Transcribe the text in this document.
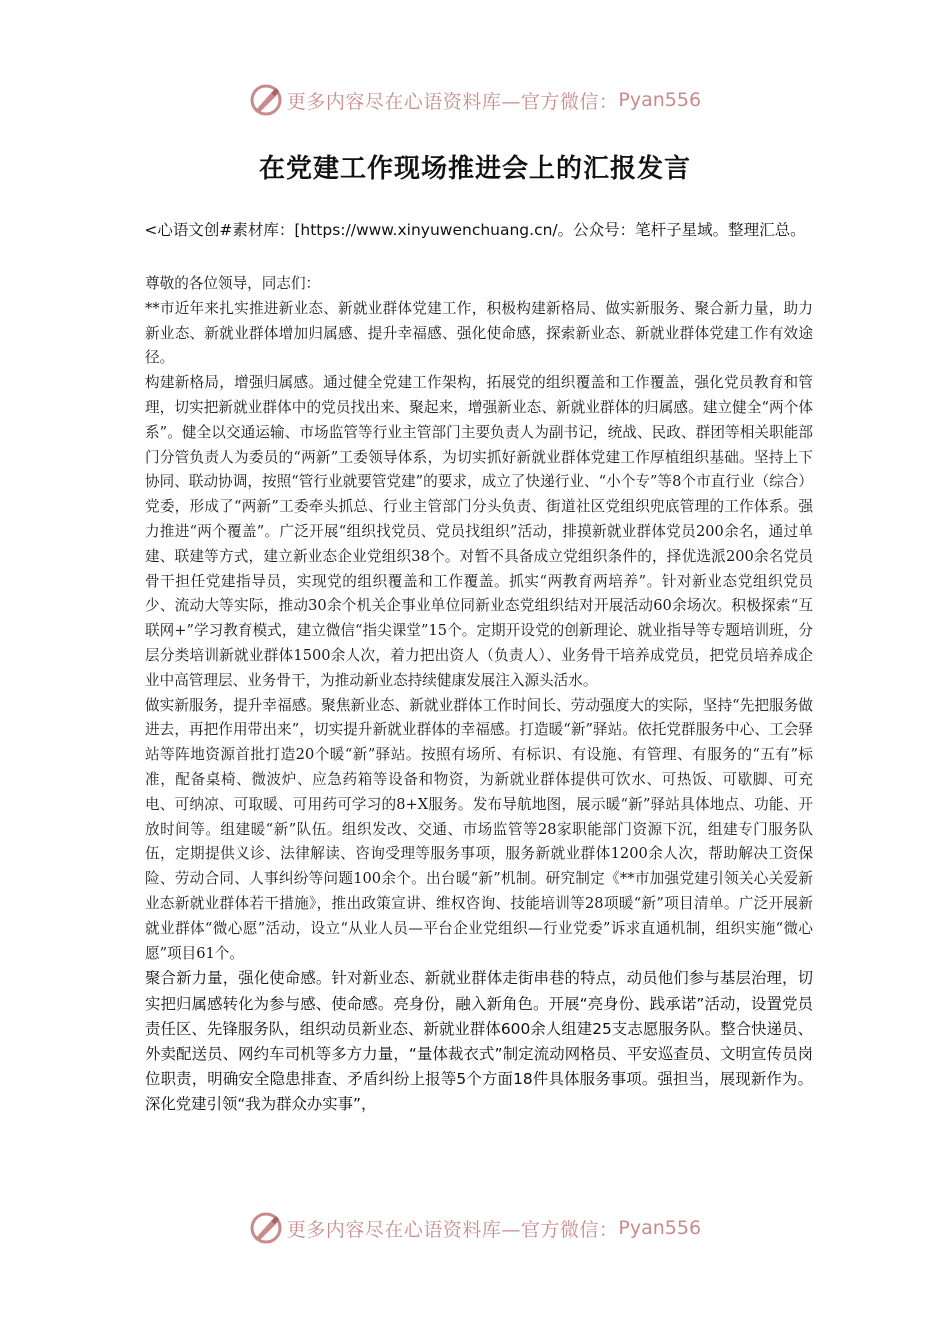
更多内容尽在心语资料库—官方微信： Pyan556
在党建工作现场推进会上的汇报发言
<心语文创#素材库：[https://www.xinyuwenchuang.cn/。公众号：笔杆子星域。整理汇总。

尊敬的各位领导，同志们：

**市近年来扎实推进新业态、新就业群体党建工作，积极构建新格局、做实新服务、聚合新力量，助力新业态、新就业群体增加归属感、提升幸福感、强化使命感，探索新业态、新就业群体党建工作有效途径。

构建新格局，增强归属感。通过健全党建工作架构，拓展党的组织覆盖和工作覆盖，强化党员教育和管理，切实把新就业群体中的党员找出来、聚起来，增强新业态、新就业群体的归属感。建立健全“两个体系”。健全以交通运输、市场监管等行业主管部门主要负责人为副书记，统战、民政、群团等相关职能部门分管负责人为委员的“两新”工委领导体系，为切实抓好新就业群体党建工作厚植组织基础。坚持上下协同、联动协调，按照“管行业就要管党建”的要求，成立了快递行业、“小个专”等8个市直行业（综合）党委，形成了“两新”工委牵头抓总、行业主管部门分头负责、街道社区党组织兜底管理的工作体系。强力推进“两个覆盖”。广泛开展“组织找党员、党员找组织”活动，排摸新就业群体党员200余名，通过单建、联建等方式，建立新业态企业党组织38个。对暂不具备成立党组织条件的，择优选派200余名党员骨干担任党建指导员，实现党的组织覆盖和工作覆盖。抓实“两教育两培养”。针对新业态党组织党员少、流动大等实际，推动30余个机关企事业单位同新业态党组织结对开展活动60余场次。积极探索“互联网+”学习教育模式，建立微信“指尖课堂”15个。定期开设党的创新理论、就业指导等专题培训班，分层分类培训新就业群体1500余人次，着力把出资人（负责人）、业务骨干培养成党员，把党员培养成企业中高管理层、业务骨干，为推动新业态持续健康发展注入源头活水。

做实新服务，提升幸福感。聚焦新业态、新就业群体工作时间长、劳动强度大的实际，坚持“先把服务做进去，再把作用带出来”，切实提升新就业群体的幸福感。打造暖“新”驿站。依托党群服务中心、工会驿站等阵地资源首批打造20个暖“新”驿站。按照有场所、有标识、有设施、有管理、有服务的“五有”标准，配备桌椅、微波炉、应急药箱等设备和物资，为新就业群体提供可饮水、可热饭、可歇脚、可充电、可纳凉、可取暖、可用药可学习的8+X服务。发布导航地图，展示暖“新”驿站具体地点、功能、开放时间等。组建暖“新”队伍。组织发改、交通、市场监管等28家职能部门资源下沉，组建专门服务队伍，定期提供义诊、法律解读、咨询受理等服务事项，服务新就业群体1200余人次，帮助解决工资保险、劳动合同、人事纠纷等问题100余个。出台暖“新”机制。研究制定《**市加强党建引领关心关爱新业态新就业群体若干措施》，推出政策宣讲、维权咨询、技能培训等28项暖“新”项目清单。广泛开展新就业群体“微心愿”活动，设立“从业人员—平台企业党组织—行业党委”诉求直通机制，组织实施“微心愿”项目61个。

聚合新力量，强化使命感。针对新业态、新就业群体走街串巷的特点，动员他们参与基层治理，切实把归属感转化为参与感、使命感。亮身份，融入新角色。开展“亮身份、践承诺”活动，设置党员责任区、先锋服务队，组织动员新业态、新就业群体600余人组建25支志愿服务队。整合快递员、外卖配送员、网约车司机等多方力量，“量体裁衣式”制定流动网格员、平安巡查员、文明宣传员岗位职责，明确安全隐患排查、矛盾纠纷上报等5个方面18件具体服务事项。强担当，展现新作为。深化党建引领“我为群众办实事”，

更多内容尽在心语资料库—官方微信： Pyan556
